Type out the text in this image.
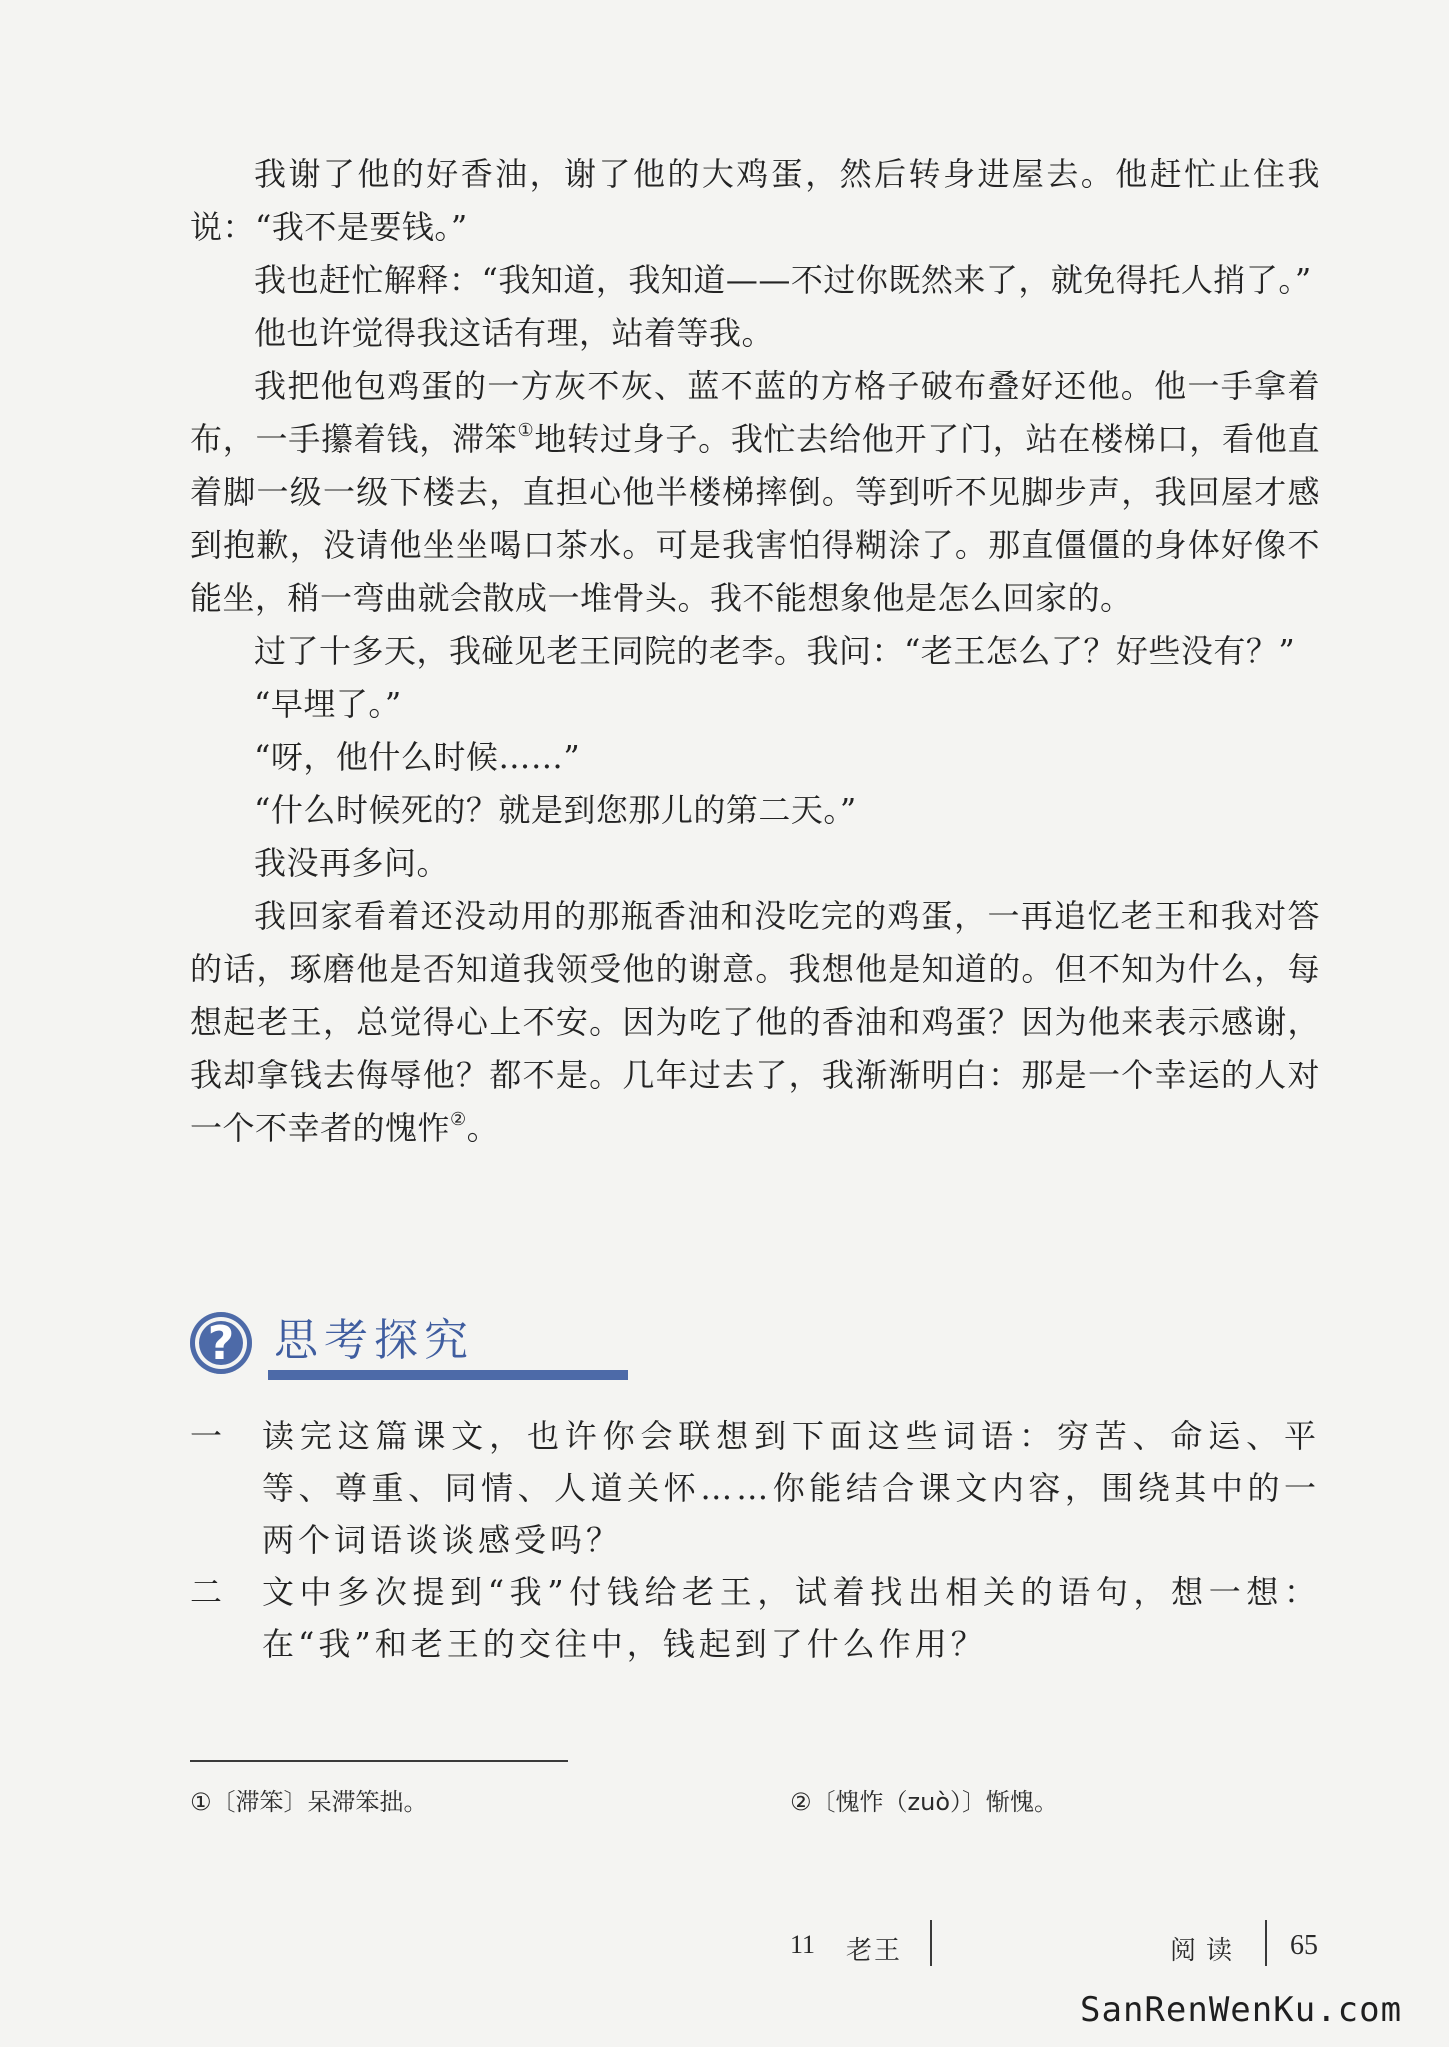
我谢了他的好香油，谢了他的大鸡蛋，然后转身进屋去。他赶忙止住我说：“我不是要钱。”

我也赶忙解释：“我知道，我知道——不过你既然来了，就免得托人捎了。”

他也许觉得我这话有理，站着等我。

我把他包鸡蛋的一方灰不灰、蓝不蓝的方格子破布叠好还他。他一手拿着布，一手攥着钱，滞笨①地转过身子。我忙去给他开了门，站在楼梯口，看他直着脚一级一级下楼去，直担心他半楼梯摔倒。等到听不见脚步声，我回屋才感到抱歉，没请他坐坐喝口茶水。可是我害怕得糊涂了。那直僵僵的身体好像不能坐，稍一弯曲就会散成一堆骨头。我不能想象他是怎么回家的。

过了十多天，我碰见老王同院的老李。我问：“老王怎么了？好些没有？”

“早埋了。”

“呀，他什么时候……”

“什么时候死的？就是到您那儿的第二天。”

我没再多问。

我回家看着还没动用的那瓶香油和没吃完的鸡蛋，一再追忆老王和我对答的话，琢磨他是否知道我领受他的谢意。我想他是知道的。但不知为什么，每想起老王，总觉得心上不安。因为吃了他的香油和鸡蛋？因为他来表示感谢，我却拿钱去侮辱他？都不是。几年过去了，我渐渐明白：那是一个幸运的人对一个不幸者的愧怍②。

? 思考探究

一 读完这篇课文，也许你会联想到下面这些词语：穷苦、命运、平等、尊重、同情、人道关怀……你能结合课文内容，围绕其中的一两个词语谈谈感受吗？

二 文中多次提到“我”付钱给老王，试着找出相关的语句，想一想：在“我”和老王的交往中，钱起到了什么作用？

①〔滞笨〕呆滞笨拙。	②〔愧怍（zuò）〕惭愧。
11 老王	阅读 65
SanRenWenKu.com
